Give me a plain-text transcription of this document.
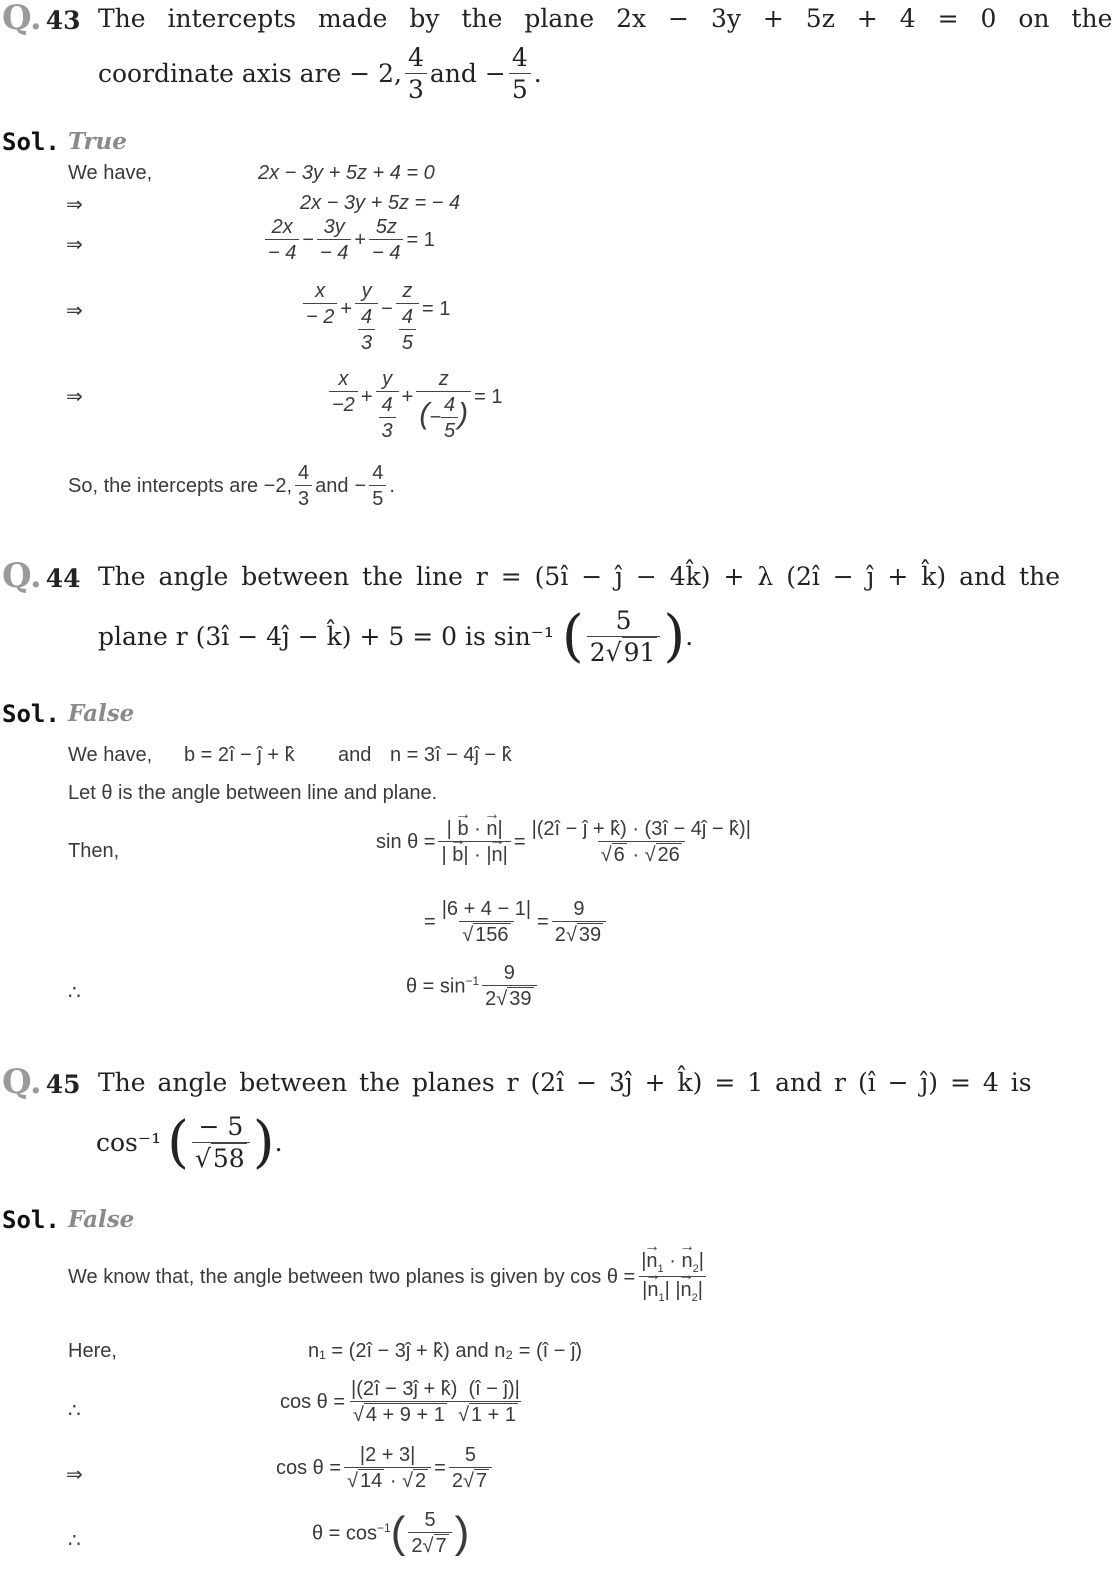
Q. 43 The intercepts made by the plane 2x − 3y + 5z + 4 = 0 on the
coordinate axis are − 2, $\frac{4}{3}$ and − $\frac{4}{5}$ .
Sol. True
We have,	2x − 3y + 5z + 4 = 0
⇒	2x − 3y + 5z = − 4
⇒	$\frac{2x}{- 4} - \frac{3y}{- 4} + \frac{5z}{- 4} = 1$
⇒	$\frac{x}{- 2} + \frac{y}{\frac{4}{3}} - \frac{z}{\frac{4}{5}} = 1$
⇒	$\frac{x}{-2} + \frac{y}{\frac{4}{3}} + \frac{z}{(- \frac{4}{5} )} = 1$
So, the intercepts are −2, $\frac{4}{3}$ and − $\frac{4}{5}$ .
Q. 44 The angle between the line r = (5î − ĵ − 4k̂) + λ (2î − ĵ + k̂) and the
plane r (3î − 4ĵ − k̂) + 5 = 0 is sin⁻¹ ( $\frac{5}{2√91}$ ) .
Sol. False
We have, b = 2î − ĵ + k̂ and n = 3î − 4ĵ − k̂
Let θ is the angle between line and plane.
Then,	$\sin \theta = \frac{| \to b \cdot \to n|}{| \to b| \cdot |\to n|} = \frac{|(2î - ĵ + k̂) \cdot (3î - 4ĵ - k̂)|}{√ 6 \cdot √ 26}$
= $\frac{|6 + 4 - 1|}{√ 156} = \frac{9}{2√ 39}$
∴	$\theta = \sin^{-1} \frac{9}{2√ 39}$
Q. 45 The angle between the planes r (2î − 3ĵ + k̂) = 1 and r (î − ĵ) = 4 is
cos⁻¹ ( $\frac{- 5}{√58}$ ) .
Sol. False
We know that, the angle between two planes is given by $\cos \theta = \frac{|\to n_1 \cdot \to n_2|}{|\to n_1| |\to n_2|}$
Here,	n₁ = (2î − 3ĵ + k̂) and n₂ = (î − ĵ)
∴	$\cos \theta = \frac{|(2î - 3ĵ + k̂) (î - ĵ)|}{√ 4 + 9 + 1 √ 1 + 1}$
⇒	$\cos \theta = \frac{|2 + 3|}{√ 14 \cdot √ 2} = \frac{5}{2√ 7}$
∴	$\theta = \cos^{-1}$ ( $\frac{5}{2√ 7}$ )
